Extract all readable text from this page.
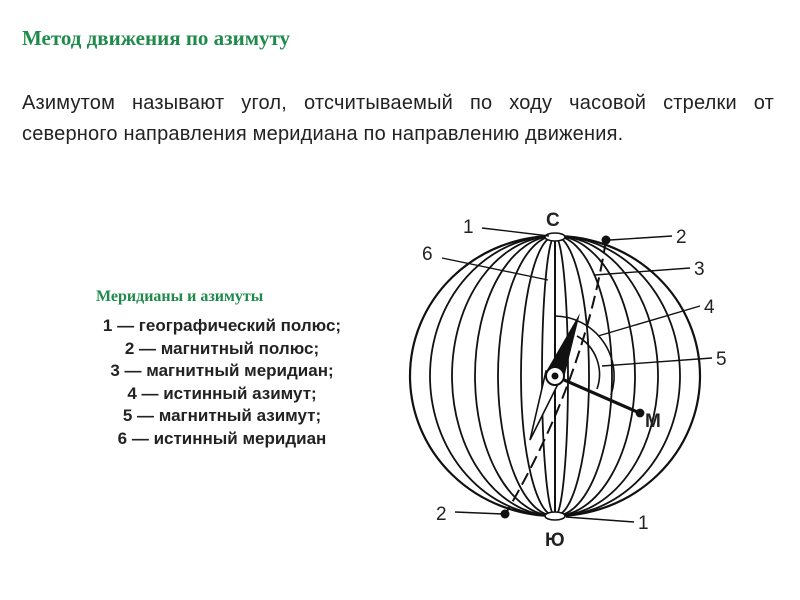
Метод движения по азимуту

Азимутом называют угол, отсчитываемый по ходу часовой стрелки от северного направления меридиана по направлению движения.

Меридианы и азимуты
1 — географический полюс;
2 — магнитный полюс;
3 — магнитный меридиан;
4 — истинный азимут;
5 — магнитный азимут;
6 — истинный меридиан
С
Ю
M
1	2
3
4
5
6
2	1
